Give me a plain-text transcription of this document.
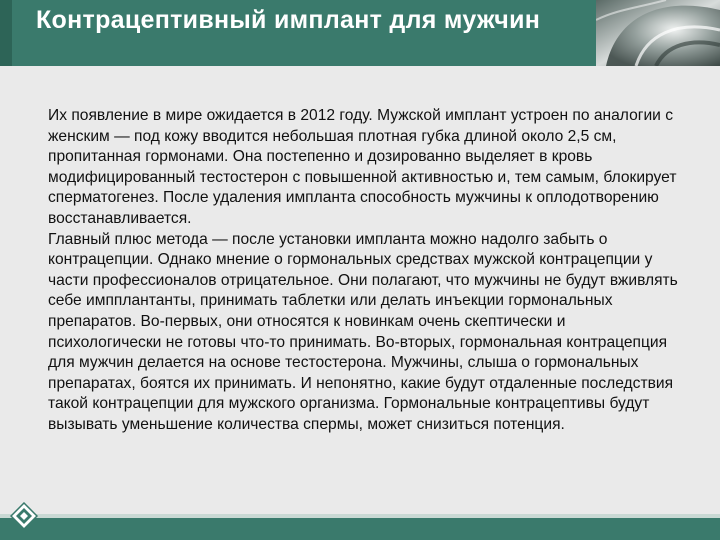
Контрацептивный имплант для мужчин

Их появление в мире ожидается в 2012 году. Мужской имплант устроен по аналогии с женским — под кожу вводится небольшая плотная губка длиной около 2,5 см, пропитанная гормонами. Она постепенно и дозированно выделяет в кровь модифицированный тестостерон с повышенной активностью и, тем самым, блокирует сперматогенез. После удаления импланта способность мужчины к оплодотворению восстанавливается.

Главный плюс метода — после установки импланта можно надолго забыть о контрацепции. Однако мнение о гормональных средствах мужской контрацепции у части профессионалов отрицательное. Они полагают, что мужчины не будут вживлять себе импплантанты, принимать таблетки или делать инъекции гормональных препаратов. Во-первых, они относятся к новинкам очень скептически и психологически не готовы что-то принимать. Во-вторых, гормональная контрацепция для мужчин делается на основе тестостерона. Мужчины, слыша о гормональных препаратах, боятся их принимать. И непонятно, какие будут отдаленные последствия такой контрацепции для мужского организма. Гормональные контрацептивы будут вызывать уменьшение количества спермы, может снизиться потенция.
